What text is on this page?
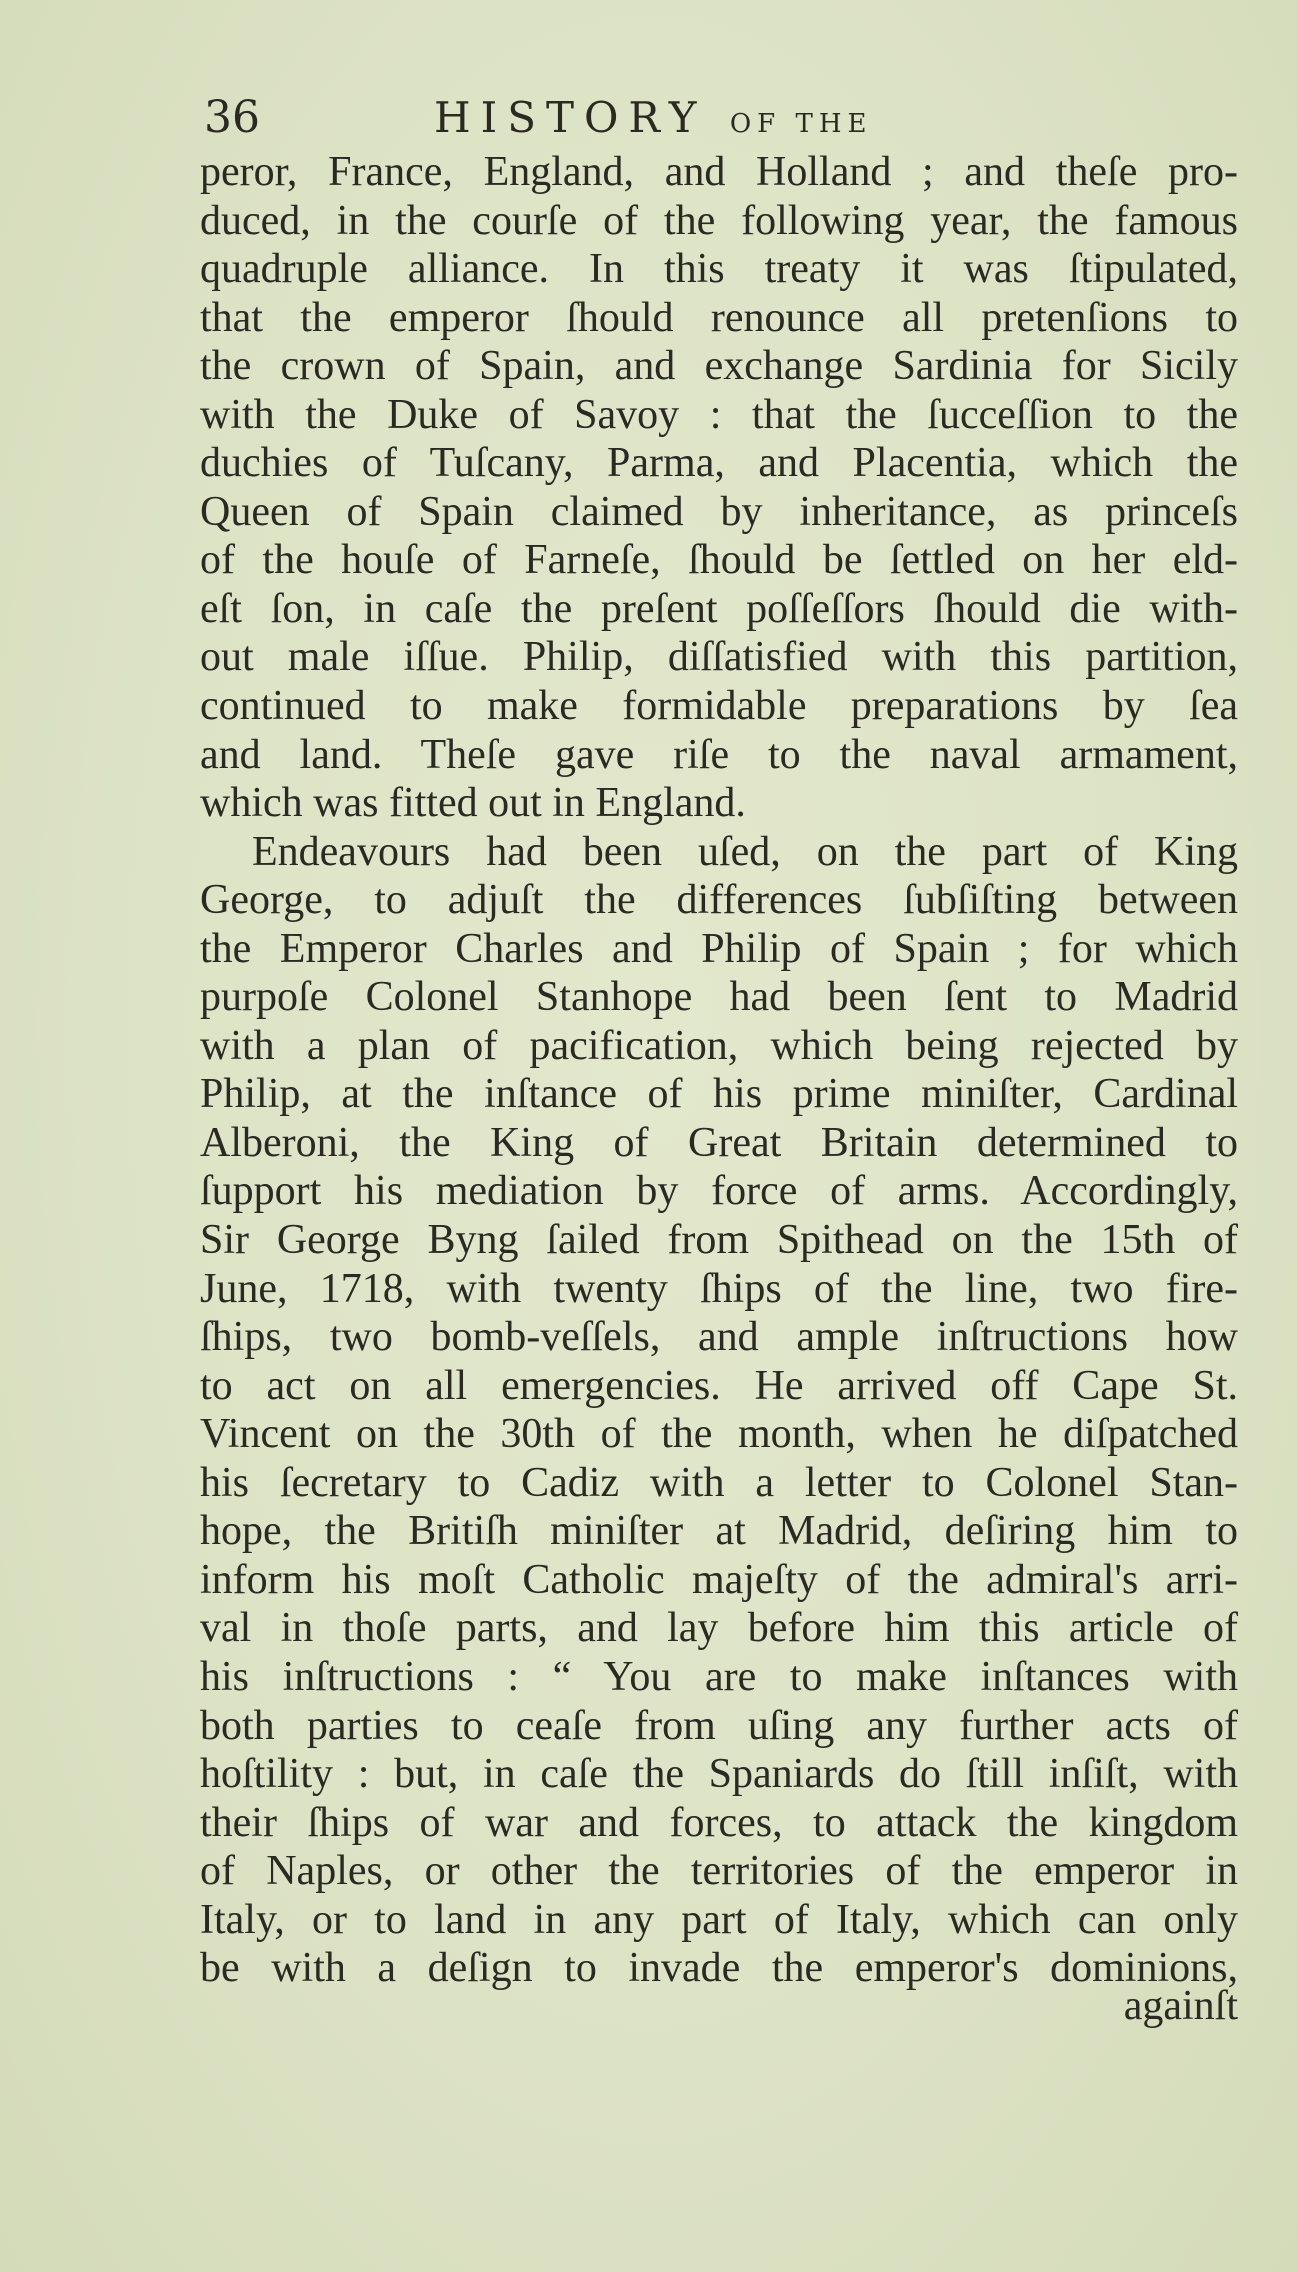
36	HISTORY OF THE
peror, France, England, and Holland ; and theſe pro-
duced, in the courſe of the following year, the famous
quadruple alliance. In this treaty it was ſtipulated,
that the emperor ſhould renounce all pretenſions to
the crown of Spain, and exchange Sardinia for Sicily
with the Duke of Savoy : that the ſucceſſion to the
duchies of Tuſcany, Parma, and Placentia, which the
Queen of Spain claimed by inheritance, as princeſs
of the houſe of Farneſe, ſhould be ſettled on her eld-
eſt ſon, in caſe the preſent poſſeſſors ſhould die with-
out male iſſue. Philip, diſſatisfied with this partition,
continued to make formidable preparations by ſea
and land. Theſe gave riſe to the naval armament,
which was fitted out in England.
Endeavours had been uſed, on the part of King
George, to adjuſt the differences ſubſiſting between
the Emperor Charles and Philip of Spain ; for which
purpoſe Colonel Stanhope had been ſent to Madrid
with a plan of pacification, which being rejected by
Philip, at the inſtance of his prime miniſter, Cardinal
Alberoni, the King of Great Britain determined to
ſupport his mediation by force of arms. Accordingly,
Sir George Byng ſailed from Spithead on the 15th of
June, 1718, with twenty ſhips of the line, two fire-
ſhips, two bomb-veſſels, and ample inſtructions how
to act on all emergencies. He arrived off Cape St.
Vincent on the 30th of the month, when he diſpatched
his ſecretary to Cadiz with a letter to Colonel Stan-
hope, the Britiſh miniſter at Madrid, deſiring him to
inform his moſt Catholic majeſty of the admiral's arri-
val in thoſe parts, and lay before him this article of
his inſtructions : “ You are to make inſtances with
both parties to ceaſe from uſing any further acts of
hoſtility : but, in caſe the Spaniards do ſtill inſiſt, with
their ſhips of war and forces, to attack the kingdom
of Naples, or other the territories of the emperor in
Italy, or to land in any part of Italy, which can only
be with a deſign to invade the emperor's dominions,
againſt
